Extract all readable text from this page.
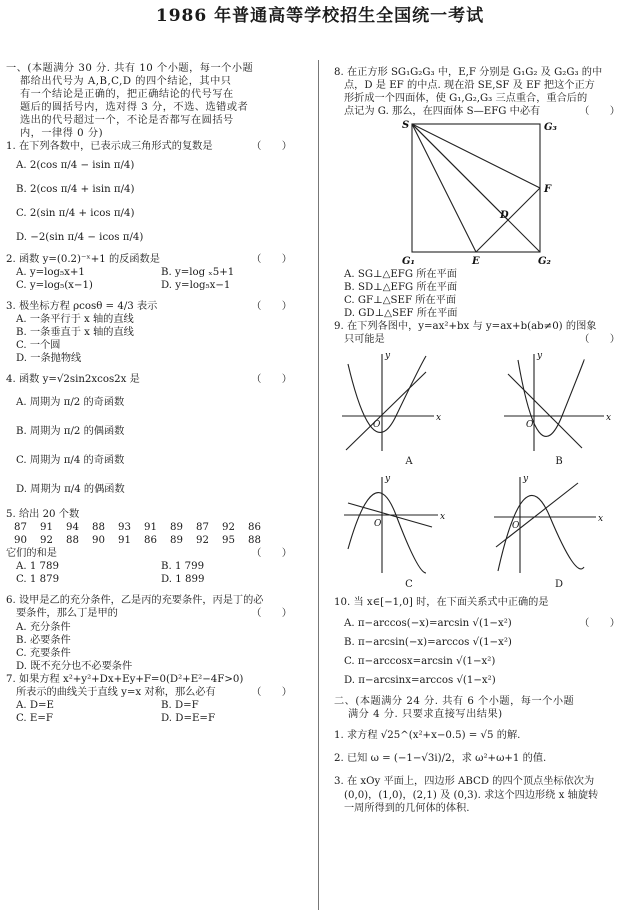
1986 年普通高等学校招生全国统一考试

一、(本题满分 30 分. 共有 10 个小题，每一个小题

都给出代号为 A,B,C,D 的四个结论，其中只

有一个结论是正确的，把正确结论的代号写在

题后的圆括号内，选对得 3 分，不选、选错或者

选出的代号超过一个，不论是否都写在圆括号

内，一律得 0 分)

1. 在下列各数中，已表示成三角形式的复数是	（　　）

A. 2(cos π/4 − isin π/4)

B. 2(cos π/4 + isin π/4)

C. 2(sin π/4 + icos π/4)

D. −2(sin π/4 − icos π/4)

2. 函数 y=(0.2)⁻ˣ+1 的反函数是	（　　）
A. y=log₅x+1	B. y=log ₓ5+1
C. y=log₅(x−1)	D. y=log₅x−1
3. 极坐标方程 ρcosθ = 4/3 表示	（　　）

A. 一条平行于 x 轴的直线

B. 一条垂直于 x 轴的直线

C. 一个圆

D. 一条抛物线

4. 函数 y=√2sin2xcos2x 是	（　　）

A. 周期为 π/2 的奇函数

B. 周期为 π/2 的偶函数

C. 周期为 π/4 的奇函数

D. 周期为 π/4 的偶函数

5. 给出 20 个数

87	91	94	88	93	91	89	87	92	86
90	92	88	90	91	86	89	92	95	88
它们的和是	（　　）
A. 1 789	B. 1 799
C. 1 879	D. 1 899

6. 设甲是乙的充分条件，乙是丙的充要条件，丙是丁的必

要条件，那么丁是甲的	（　　）

A. 充分条件

B. 必要条件

C. 充要条件

D. 既不充分也不必要条件

7. 如果方程 x²+y²+Dx+Ey+F=0(D²+E²−4F>0)

所表示的曲线关于直线 y=x 对称，那么必有	（　　）
A. D=E	B. D=F
C. E=F	D. D=E=F

8. 在正方形 SG₁G₂G₃ 中，E,F 分别是 G₁G₂ 及 G₂G₃ 的中

点，D 是 EF 的中点. 现在沿 SE,SF 及 EF 把这个正方

形折成一个四面体，使 G₁,G₂,G₃ 三点重合，重合后的

点记为 G. 那么，在四面体 S—EFG 中必有	（　　）
S	G₃
F
D
G₁	E	G₂

A. SG⊥△EFG 所在平面

B. SD⊥△EFG 所在平面

C. GF⊥△SEF 所在平面

D. GD⊥△SEF 所在平面

9. 在下列各图中，y=ax²+bx 与 y=ax+b(ab≠0) 的图象

只可能是	（　　）
y
x
O
A
y
x
O
B
y
x
O
C
y
x
O
D

10. 当 x∈[−1,0] 时，在下面关系式中正确的是

A. π−arccos(−x)=arcsin √(1−x²)	（　　）

B. π−arcsin(−x)=arccos √(1−x²)

C. π−arccosx=arcsin √(1−x²)

D. π−arcsinx=arccos √(1−x²)

二、(本题满分 24 分. 共有 6 个小题，每一个小题

满分 4 分. 只要求直接写出结果)

1. 求方程 √25^(x²+x−0.5) = √5 的解.

2. 已知 ω = (−1−√3i)/2，求 ω²+ω+1 的值.

3. 在 xOy 平面上，四边形 ABCD 的四个顶点坐标依次为

(0,0)，(1,0)，(2,1) 及 (0,3). 求这个四边形绕 x 轴旋转

一周所得到的几何体的体积.
